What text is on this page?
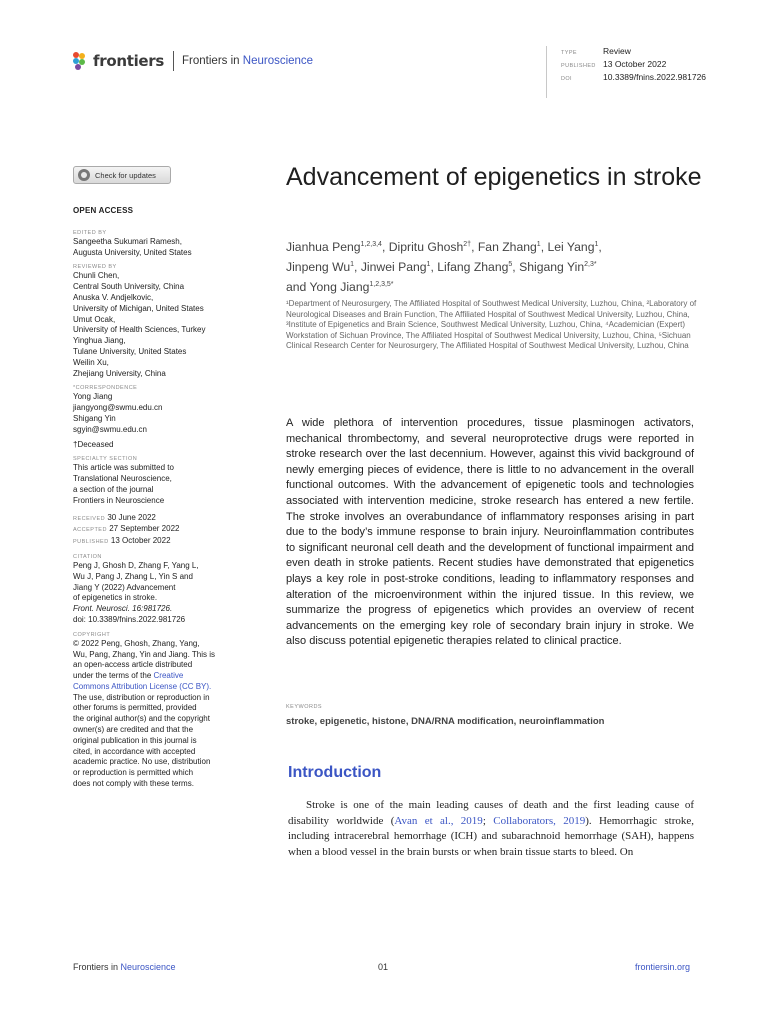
frontiers Frontiers in Neuroscience
TYPE	Review
PUBLISHED 13 October 2022
DOI	10.3389/fnins.2022.981726
Check for updates
OPEN ACCESS
EDITED BY
Sangeetha Sukumari Ramesh,
Augusta University, United States
REVIEWED BY
Chunli Chen,
Central South University, China
Anuska V. Andjelkovic,
University of Michigan, United States
Umut Ocak,
University of Health Sciences, Turkey
Yinghua Jiang,
Tulane University, United States
Weilin Xu,
Zhejiang University, China
*CORRESPONDENCE
Yong Jiang
jiangyong@swmu.edu.cn
Shigang Yin
sgyin@swmu.edu.cn
†Deceased
SPECIALTY SECTION
This article was submitted to
Translational Neuroscience,
a section of the journal
Frontiers in Neuroscience
RECEIVED 30 June 2022
ACCEPTED 27 September 2022
PUBLISHED 13 October 2022
CITATION
Peng J, Ghosh D, Zhang F, Yang L,
Wu J, Pang J, Zhang L, Yin S and
Jiang Y (2022) Advancement
of epigenetics in stroke.
Front. Neurosci. 16:981726.
doi: 10.3389/fnins.2022.981726
COPYRIGHT
© 2022 Peng, Ghosh, Zhang, Yang,
Wu, Pang, Zhang, Yin and Jiang. This is
an open-access article distributed
under the terms of the Creative
Commons Attribution License (CC BY).
The use, distribution or reproduction in
other forums is permitted, provided
the original author(s) and the copyright
owner(s) are credited and that the
original publication in this journal is
cited, in accordance with accepted
academic practice. No use, distribution
or reproduction is permitted which
does not comply with these terms.
Advancement of epigenetics in stroke
Jianhua Peng$^{1,2,3,4}$, Dipritu Ghosh$^{2\dagger}$, Fan Zhang$^1$, Lei Yang$^1$,
Jinpeng Wu$^1$, Jinwei Pang$^1$, Lifang Zhang$^5$, Shigang Yin$^{2,3*}$
and Yong Jiang$^{1,2,3,5*}$
¹Department of Neurosurgery, The Affiliated Hospital of Southwest Medical University, Luzhou, China, ²Laboratory of Neurological Diseases and Brain Function, The Affiliated Hospital of Southwest Medical University, Luzhou, China, ³Institute of Epigenetics and Brain Science, Southwest Medical University, Luzhou, China, ⁴Academician (Expert) Workstation of Sichuan Province, The Affiliated Hospital of Southwest Medical University, Luzhou, China, ⁵Sichuan Clinical Research Center for Neurosurgery, The Affiliated Hospital of Southwest Medical University, Luzhou, China
A wide plethora of intervention procedures, tissue plasminogen activators, mechanical thrombectomy, and several neuroprotective drugs were reported in stroke research over the last decennium. However, against this vivid background of newly emerging pieces of evidence, there is little to no advancement in the overall functional outcomes. With the advancement of epigenetic tools and technologies associated with intervention medicine, stroke research has entered a new fertile. The stroke involves an overabundance of inflammatory responses arising in part due to the body’s immune response to brain injury. Neuroinflammation contributes to significant neuronal cell death and the development of functional impairment and even death in stroke patients. Recent studies have demonstrated that epigenetics plays a key role in post-stroke conditions, leading to inflammatory responses and alteration of the microenvironment within the injured tissue. In this review, we summarize the progress of epigenetics which provides an overview of recent advancements on the emerging key role of secondary brain injury in stroke. We also discuss potential epigenetic therapies related to clinical practice.
KEYWORDS
stroke, epigenetic, histone, DNA/RNA modification, neuroinflammation
Introduction
Stroke is one of the main leading causes of death and the first leading cause of disability worldwide (Avan et al., 2019; Collaborators, 2019). Hemorrhagic stroke, including intracerebral hemorrhage (ICH) and subarachnoid hemorrhage (SAH), happens when a blood vessel in the brain bursts or when brain tissue starts to bleed. On
Frontiers in Neuroscience	01	frontiersin.org
